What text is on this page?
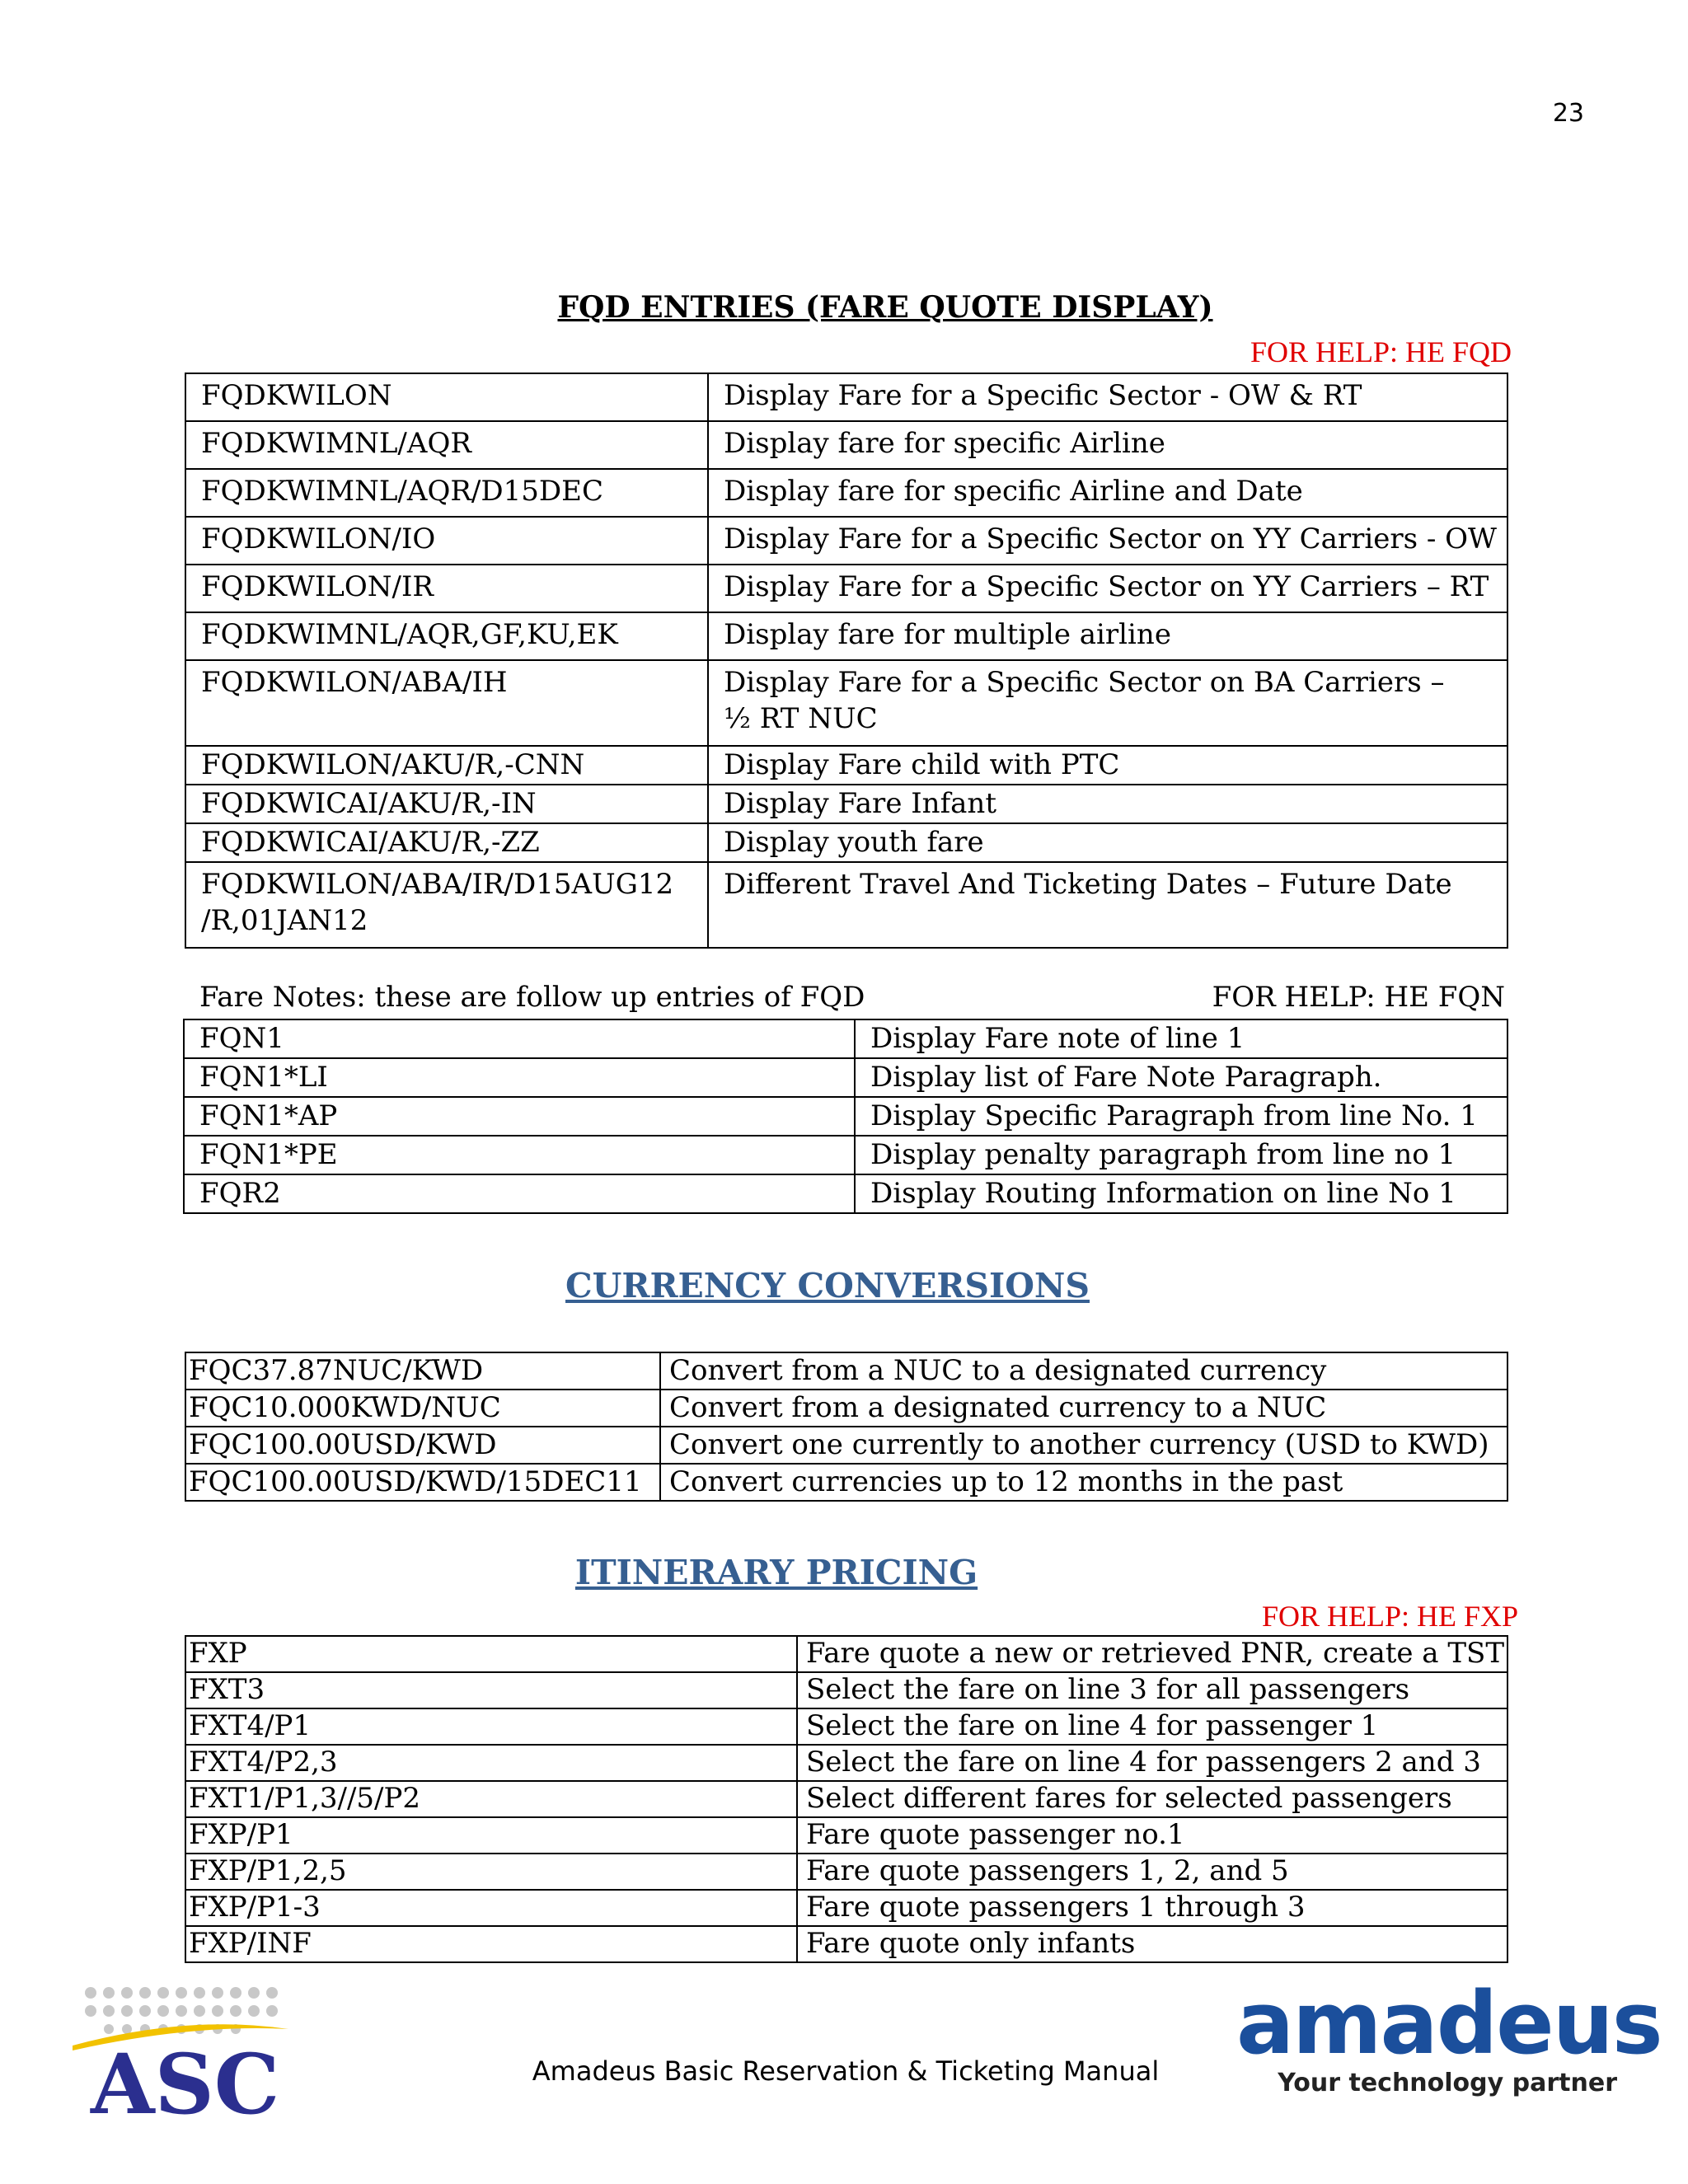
23
FQD ENTRIES (FARE QUOTE DISPLAY)
FOR HELP: HE FQD
FQDKWILON	Display Fare for a Specific Sector - OW & RT
FQDKWIMNL/AQR	Display fare for specific Airline
FQDKWIMNL/AQR/D15DEC	Display fare for specific Airline and Date
FQDKWILON/IO	Display Fare for a Specific Sector on YY Carriers - OW
FQDKWILON/IR	Display Fare for a Specific Sector on YY Carriers – RT
FQDKWIMNL/AQR,GF,KU,EK	Display fare for multiple airline
FQDKWILON/ABA/IH	Display Fare for a Specific Sector on BA Carriers – ½ RT NUC

FQDKWILON/AKU/R,-CNN	Display Fare child with PTC
FQDKWICAI/AKU/R,-IN	Display Fare Infant
FQDKWICAI/AKU/R,-ZZ	Display youth fare

FQDKWILON/ABA/IR/D15AUG12 /R,01JAN12	Different Travel And Ticketing Dates – Future Date
Fare Notes: these are follow up entries of FQD	FOR HELP: HE FQN
FQN1	Display Fare note of line 1
FQN1*LI	Display list of Fare Note Paragraph.
FQN1*AP	Display Specific Paragraph from line No. 1
FQN1*PE	Display penalty paragraph from line no 1
FQR2	Display Routing Information on line No 1
CURRENCY CONVERSIONS
FQC37.87NUC/KWD	Convert from a NUC to a designated currency
FQC10.000KWD/NUC	Convert from a designated currency to a NUC
FQC100.00USD/KWD	Convert one currently to another currency (USD to KWD)
FQC100.00USD/KWD/15DEC11	Convert currencies up to 12 months in the past
ITINERARY PRICING
FOR HELP: HE FXP
FXP	Fare quote a new or retrieved PNR, create a TST
FXT3	Select the fare on line 3 for all passengers
FXT4/P1	Select the fare on line 4 for passenger 1
FXT4/P2,3	Select the fare on line 4 for passengers 2 and 3
FXT1/P1,3//5/P2	Select different fares for selected passengers
FXP/P1	Fare quote passenger no.1
FXP/P1,2,5	Fare quote passengers 1, 2, and 5
FXP/P1-3	Fare quote passengers 1 through 3
FXP/INF	Fare quote only infants
ASC	Amadeus Basic Reservation & Ticketing Manual amadeus
Your technology partner
